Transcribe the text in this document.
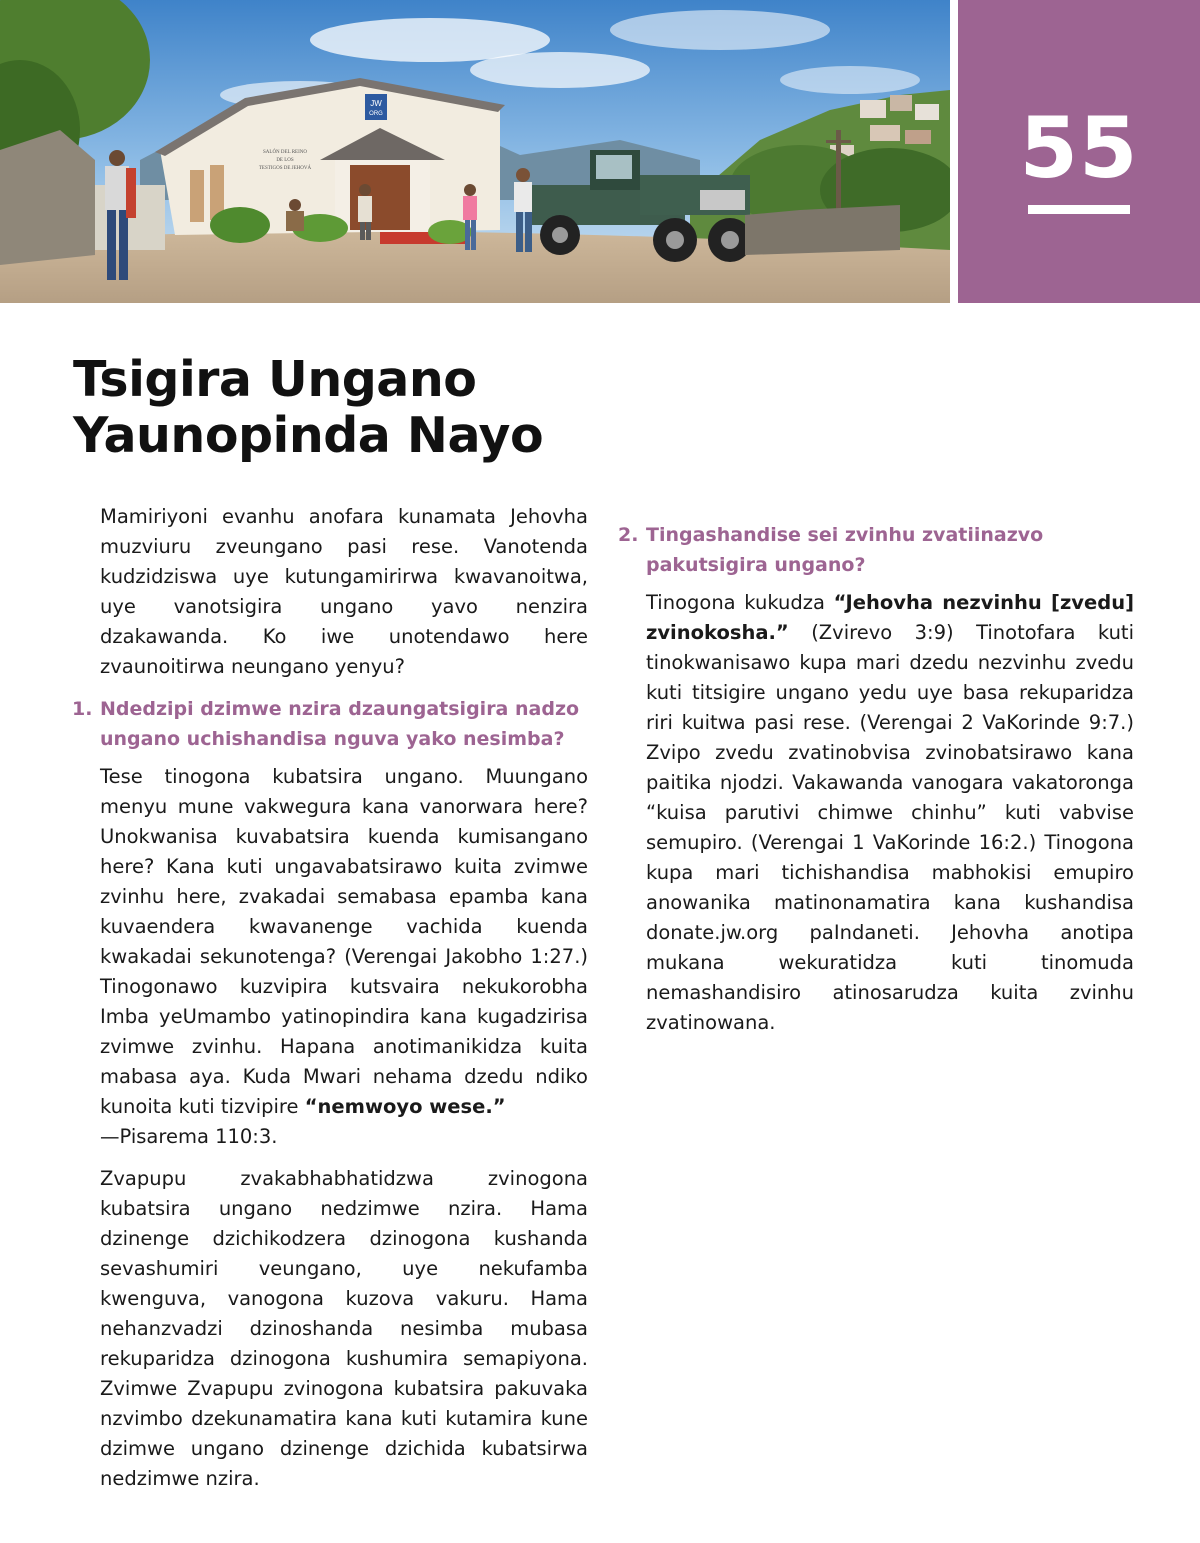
JW
ORG
SALÓN DEL REINO
DE LOS
TESTIGOS DE JEHOVÁ	55
Tsigira Ungano
Yaunopinda Nayo

Mamiriyoni evanhu anofara kunamata Jehovha muzviuru zveungano pasi rese. Vanotenda kudzidziswa uye kutungamirirwa kwavanoitwa, uye vanotsigira ungano yavo nenzira dzakawanda. Ko iwe unotendawo here zvaunoitirwa neungano yenyu?

1. Ndedzipi dzimwe nzira dzaungatsigira nadzo ungano uchishandisa nguva yako nesimba?

Tese tinogona kubatsira ungano. Muungano menyu mune vakwegura kana vanorwara here? Unokwanisa kuvabatsira kuenda kumisangano here? Kana kuti ungavabatsirawo kuita zvimwe zvinhu here, zvakadai semabasa epamba kana kuvaendera kwavanenge vachida kuenda kwakadai sekunotenga? (Verengai Jakobho 1:27.) Tinogonawo kuzvipira kutsvaira nekukorobha Imba yeUmambo yatinopindira kana kugadzirisa zvimwe zvinhu. Hapana anotimanikidza kuita mabasa aya. Kuda Mwari nehama dzedu ndiko kunoita kuti tizvipire “nemwoyo wese.”
—Pisarema 110:3.

Zvapupu zvakabhabhatidzwa zvinogona kubatsira ungano nedzimwe nzira. Hama dzinenge dzichikodzera dzinogona kushanda sevashumiri veungano, uye nekufamba kwenguva, vanogona kuzova vakuru. Hama nehanzvadzi dzinoshanda nesimba mubasa rekuparidza dzinogona kushumira semapiyona. Zvimwe Zvapupu zvinogona kubatsira pakuvaka nzvimbo dzekunamatira kana kuti kutamira kune dzimwe ungano dzinenge dzichida kubatsirwa nedzimwe nzira.

2. Tingashandise sei zvinhu zvatiinazvo pakutsigira ungano?

Tinogona kukudza “Jehovha nezvinhu [zvedu] zvinokosha.” (Zvirevo 3:9) Tinotofara kuti tinokwanisawo kupa mari dzedu nezvinhu zvedu kuti titsigire ungano yedu uye basa rekuparidza riri kuitwa pasi rese. (Verengai 2 VaKorinde 9:7.) Zvipo zvedu zvatinobvisa zvinobatsirawo kana paitika njodzi. Vakawanda vanogara vakatoronga “kuisa parutivi chimwe chinhu” kuti vabvise semupiro. (Verengai 1 VaKorinde 16:2.) Tinogona kupa mari tichishandisa mabhokisi emupiro anowanika matinonamatira kana kushandisa donate.jw.org paIndaneti. Jehovha anotipa mukana wekuratidza kuti tinomuda nemashandisiro atinosarudza kuita zvinhu zvatinowana.
